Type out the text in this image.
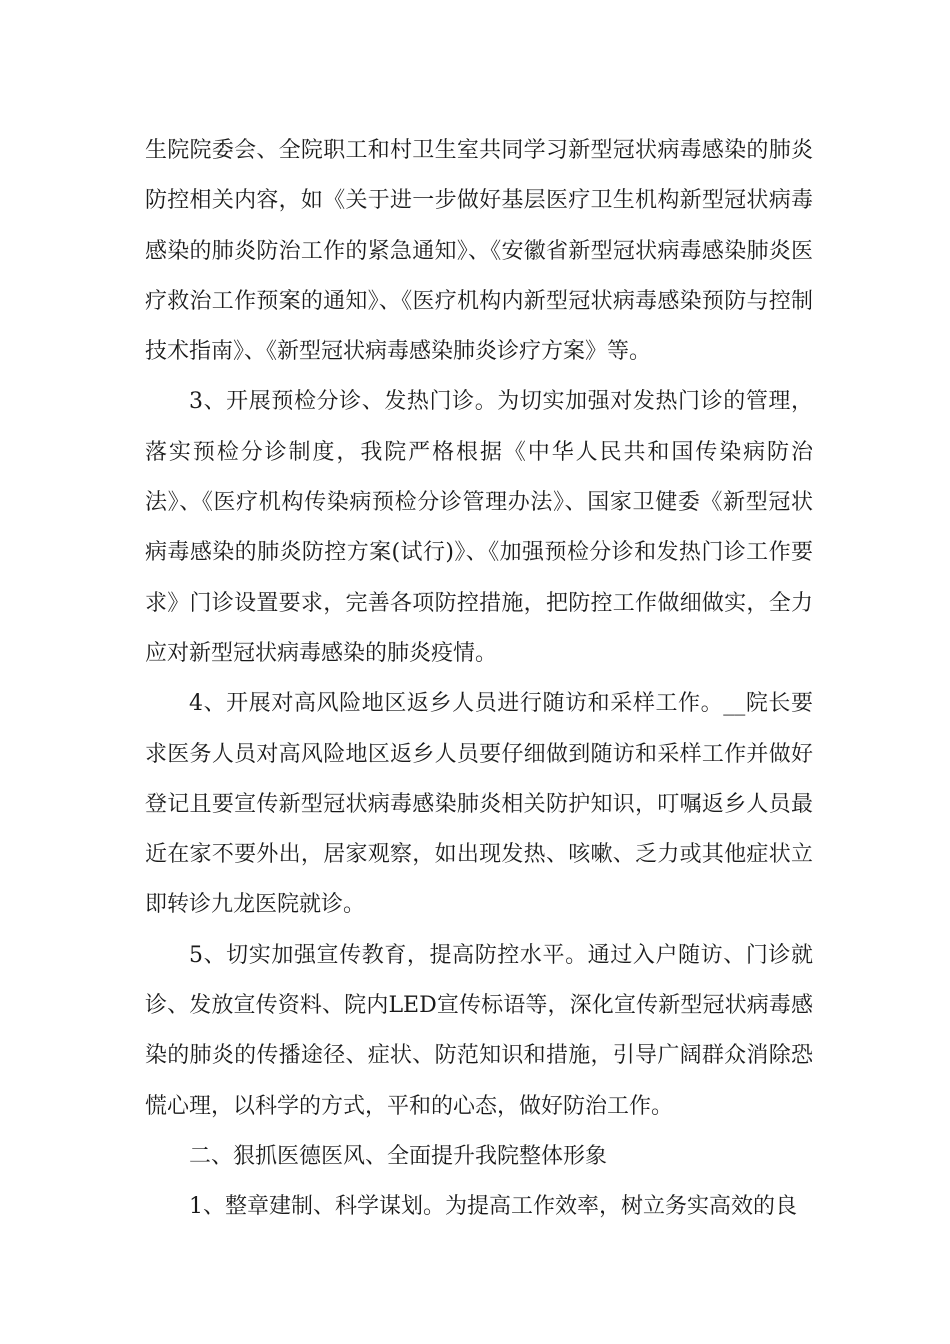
生院院委会、全院职工和村卫生室共同学习新型冠状病毒感染的肺炎防控相关内容，如《关于进一步做好基层医疗卫生机构新型冠状病毒感染的肺炎防治工作的紧急通知》、《安徽省新型冠状病毒感染肺炎医疗救治工作预案的通知》、《医疗机构内新型冠状病毒感染预防与控制技术指南》、《新型冠状病毒感染肺炎诊疗方案》等。

3、开展预检分诊、发热门诊。为切实加强对发热门诊的管理，落实预检分诊制度，我院严格根据《中华人民共和国传染病防治法》、《医疗机构传染病预检分诊管理办法》、国家卫健委《新型冠状病毒感染的肺炎防控方案(试行)》、《加强预检分诊和发热门诊工作要求》门诊设置要求，完善各项防控措施，把防控工作做细做实，全力应对新型冠状病毒感染的肺炎疫情。

4、开展对高风险地区返乡人员进行随访和采样工作。__院长要求医务人员对高风险地区返乡人员要仔细做到随访和采样工作并做好登记且要宣传新型冠状病毒感染肺炎相关防护知识，叮嘱返乡人员最近在家不要外出，居家观察，如出现发热、咳嗽、乏力或其他症状立即转诊九龙医院就诊。

5、切实加强宣传教育，提高防控水平。通过入户随访、门诊就诊、发放宣传资料、院内LED宣传标语等，深化宣传新型冠状病毒感染的肺炎的传播途径、症状、防范知识和措施，引导广阔群众消除恐慌心理，以科学的方式，平和的心态，做好防治工作。

二、狠抓医德医风、全面提升我院整体形象

1、整章建制、科学谋划。为提高工作效率，树立务实高效的良
